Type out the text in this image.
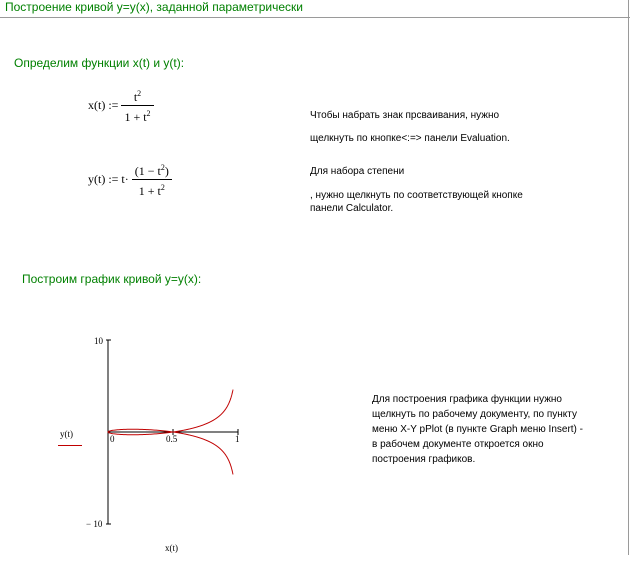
Построение кривой y=y(x), заданной параметрически
Определим функции x(t) и y(t):
x(t) := $\frac{t^2}{1 + t^2}$
y(t) := $t\cdot \frac{(1 - t^2)}{1 + t^2}$
Чтобы набрать знак прсваивания, нужно
щелкнуть по кнопке<:=> панели Evaluation.
Для набора степени
, нужно щелкнуть по соответствующей кнопке
панели Calculator.
Построим график кривой y=y(x):
10
− 10
0	0.5	1
y(t)
x(t)
Для построения графика функции нужно
щелкнуть по рабочему документу, по пункту
меню X-Y pPlot (в пункте Graph меню Insert) -
в рабочем документе откроется окно
построения графиков.
